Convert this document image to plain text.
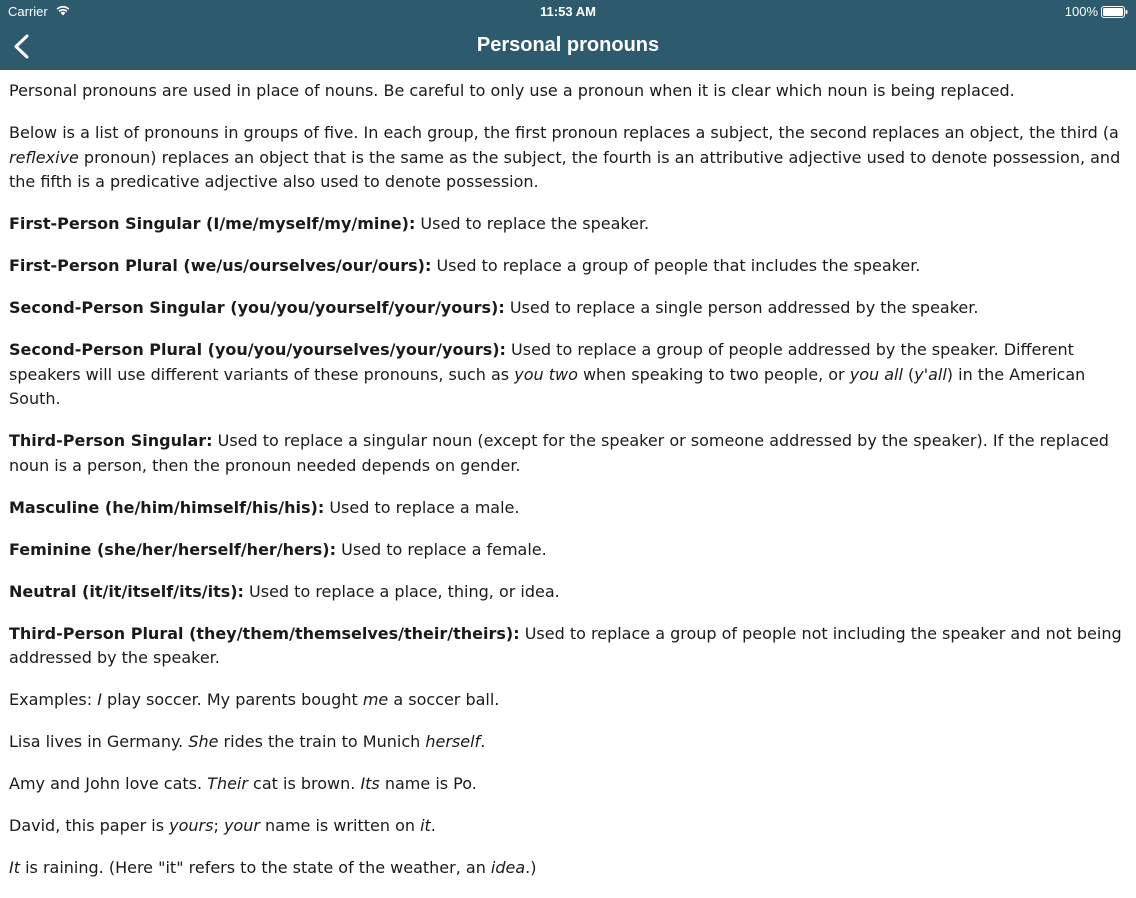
Carrier	11:53 AM	100%
Personal pronouns

Personal pronouns are used in place of nouns. Be careful to only use a pronoun when it is clear which noun is being replaced.

Below is a list of pronouns in groups of five. In each group, the first pronoun replaces a subject, the second replaces an object, the third (a reflexive pronoun) replaces an object that is the same as the subject, the fourth is an attributive adjective used to denote possession, and the fifth is a predicative adjective also used to denote possession.

First-Person Singular (I/me/myself/my/mine): Used to replace the speaker.

First-Person Plural (we/us/ourselves/our/ours): Used to replace a group of people that includes the speaker.

Second-Person Singular (you/you/yourself/your/yours): Used to replace a single person addressed by the speaker.

Second-Person Plural (you/you/yourselves/your/yours): Used to replace a group of people addressed by the speaker. Different speakers will use different variants of these pronouns, such as you two when speaking to two people, or you all (y'all) in the American South.

Third-Person Singular: Used to replace a singular noun (except for the speaker or someone addressed by the speaker). If the replaced noun is a person, then the pronoun needed depends on gender.

Masculine (he/him/himself/his/his): Used to replace a male.

Feminine (she/her/herself/her/hers): Used to replace a female.

Neutral (it/it/itself/its/its): Used to replace a place, thing, or idea.

Third-Person Plural (they/them/themselves/their/theirs): Used to replace a group of people not including the speaker and not being addressed by the speaker.

Examples: I play soccer. My parents bought me a soccer ball.

Lisa lives in Germany. She rides the train to Munich herself.

Amy and John love cats. Their cat is brown. Its name is Po.

David, this paper is yours; your name is written on it.

It is raining. (Here "it" refers to the state of the weather, an idea.)
